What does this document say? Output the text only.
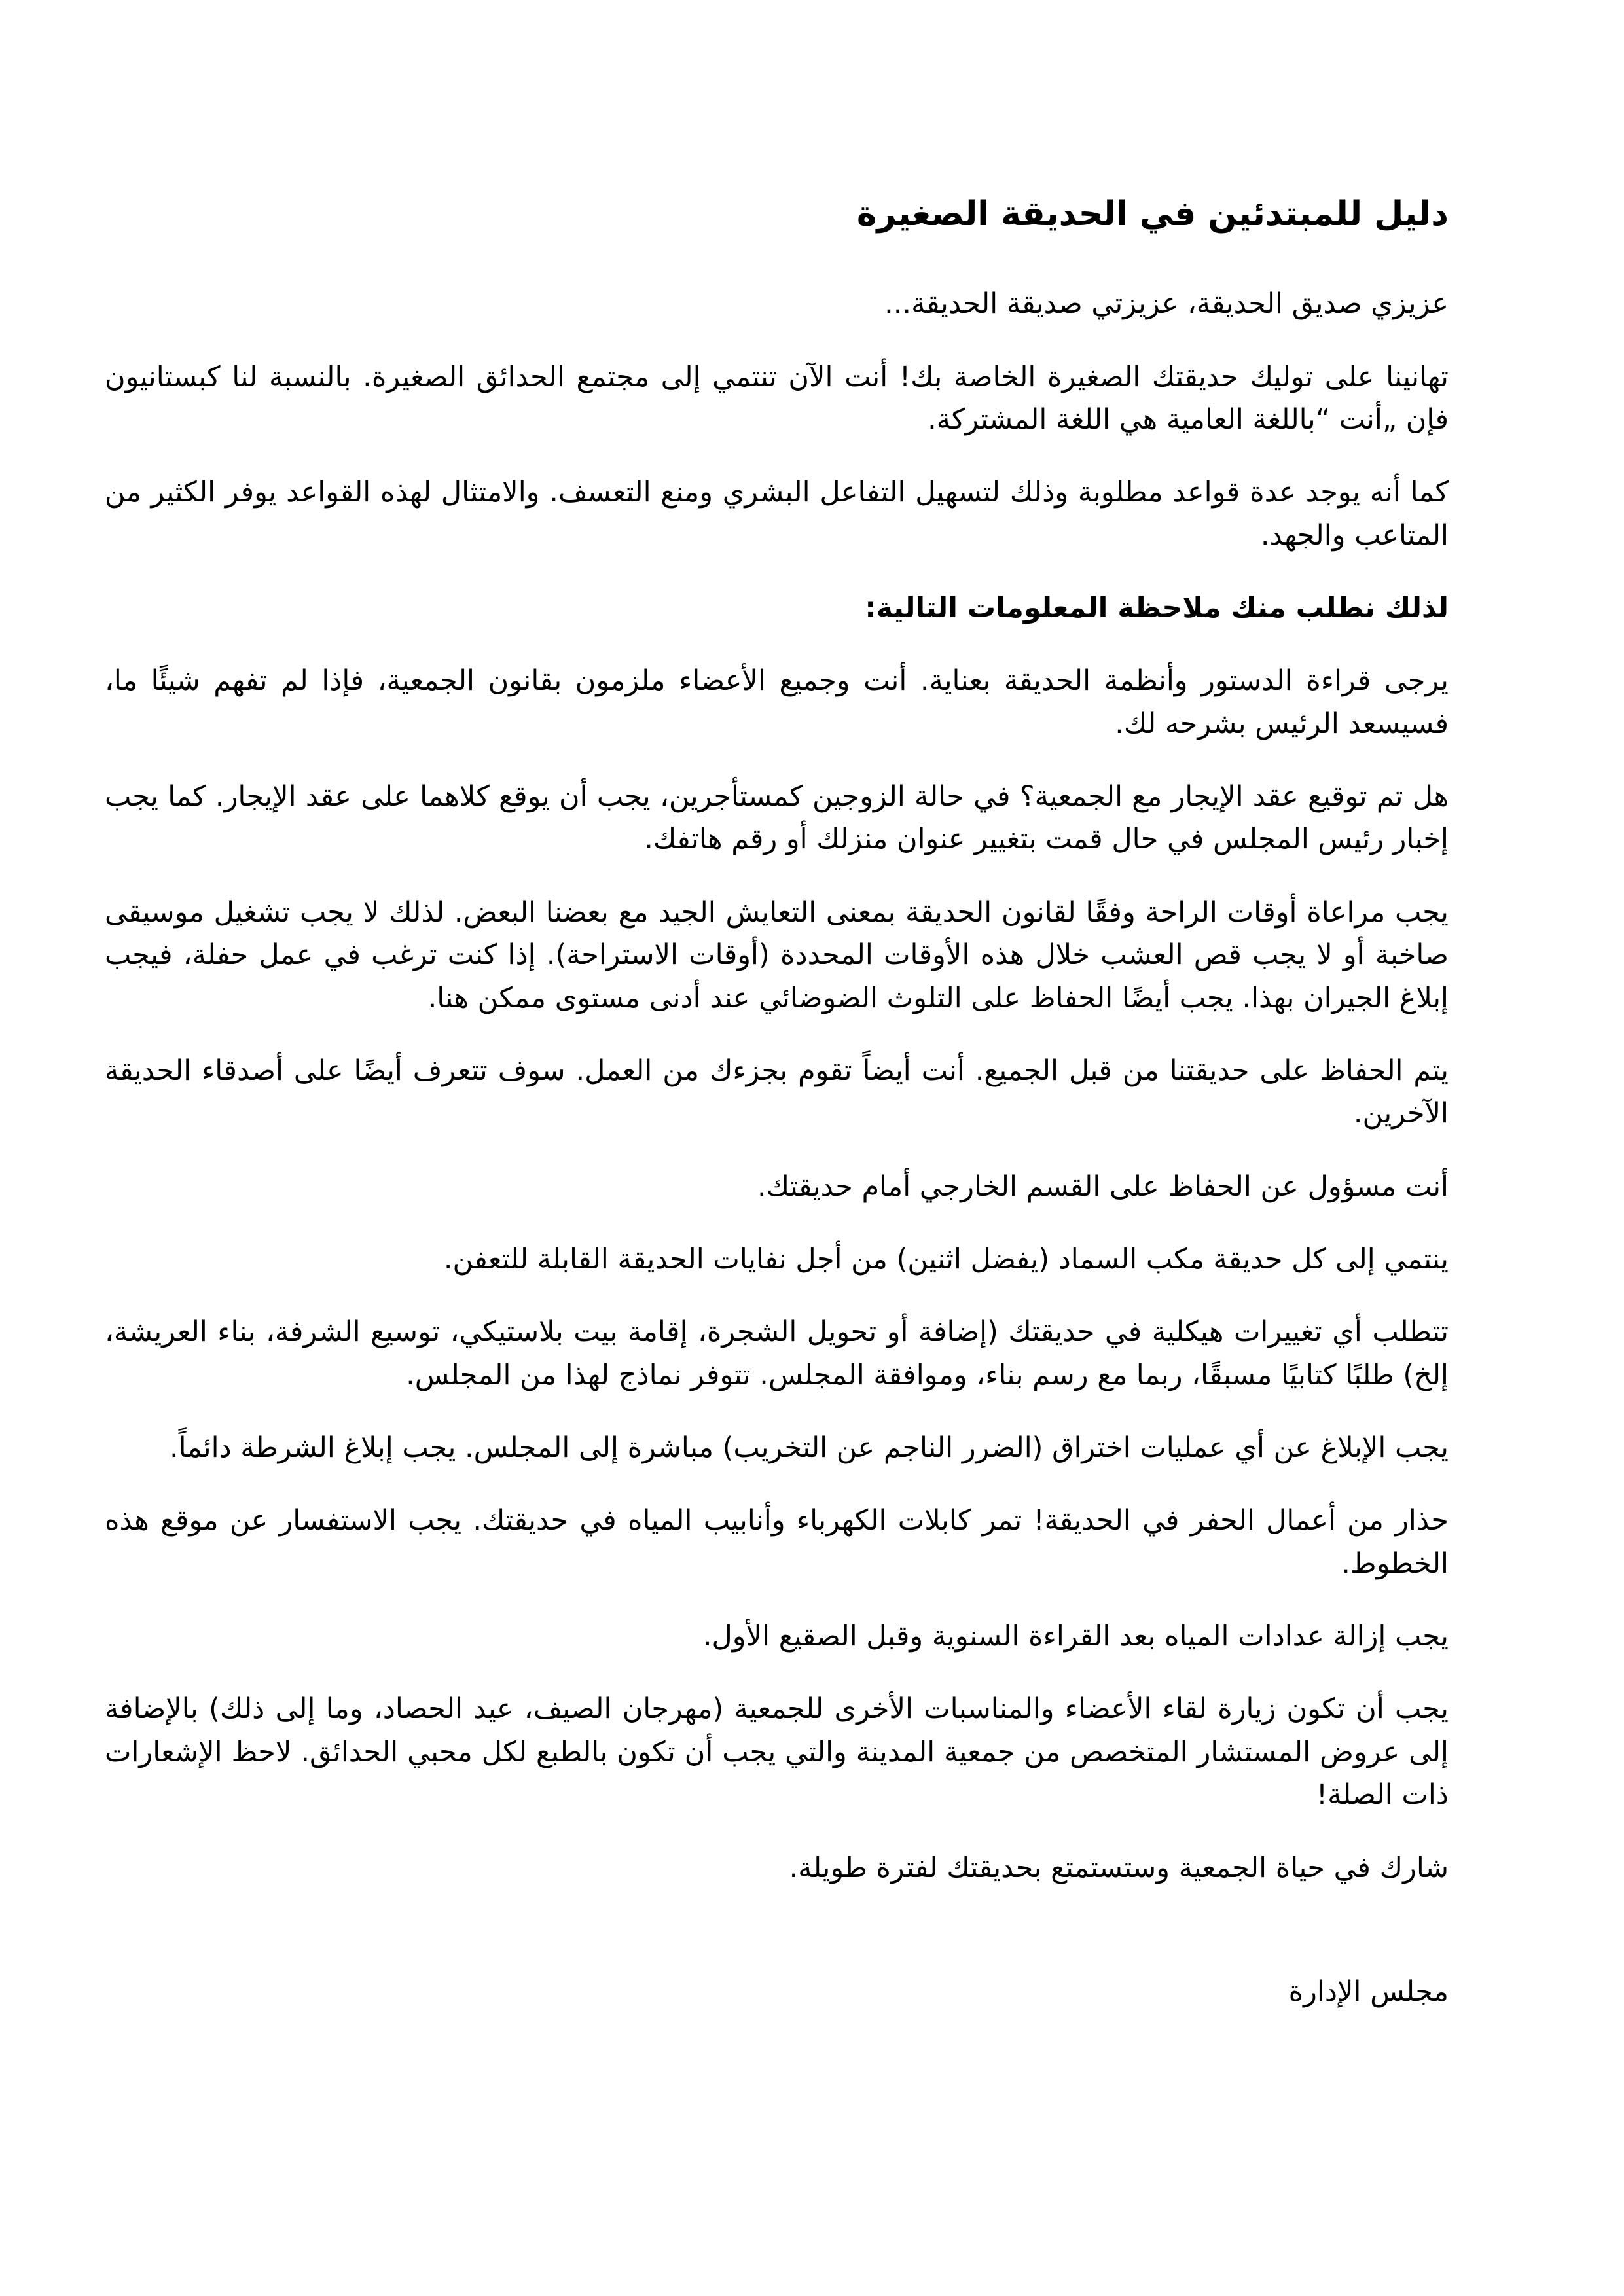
دليل للمبتدئين في الحديقة الصغيرة

عزيزي صديق الحديقة، عزيزتي صديقة الحديقة...

تهانينا على توليك حديقتك الصغيرة الخاصة بك! أنت الآن تنتمي إلى مجتمع الحدائق الصغيرة. بالنسبة لنا كبستانيون فإن „أنت “باللغة العامية هي اللغة المشتركة.

كما أنه يوجد عدة قواعد مطلوبة وذلك لتسهيل التفاعل البشري ومنع التعسف. والامتثال لهذه القواعد يوفر الكثير من المتاعب والجهد.

لذلك نطلب منك ملاحظة المعلومات التالية:

يرجى قراءة الدستور وأنظمة الحديقة بعناية. أنت وجميع الأعضاء ملزمون بقانون الجمعية، فإذا لم تفهم شيئًا ما، فسيسعد الرئيس بشرحه لك.

هل تم توقيع عقد الإيجار مع الجمعية؟ في حالة الزوجين كمستأجرين، يجب أن يوقع كلاهما على عقد الإيجار. كما يجب إخبار رئيس المجلس في حال قمت بتغيير عنوان منزلك أو رقم هاتفك.

يجب مراعاة أوقات الراحة وفقًا لقانون الحديقة بمعنى التعايش الجيد مع بعضنا البعض. لذلك لا يجب تشغيل موسيقى صاخبة أو لا يجب قص العشب خلال هذه الأوقات المحددة (أوقات الاستراحة). إذا كنت ترغب في عمل حفلة، فيجب إبلاغ الجيران بهذا. يجب أيضًا الحفاظ على التلوث الضوضائي عند أدنى مستوى ممكن هنا.

يتم الحفاظ على حديقتنا من قبل الجميع. أنت أيضاً تقوم بجزءك من العمل. سوف تتعرف أيضًا على أصدقاء الحديقة الآخرين.

أنت مسؤول عن الحفاظ على القسم الخارجي أمام حديقتك.

ينتمي إلى كل حديقة مكب السماد (يفضل اثنين) من أجل نفايات الحديقة القابلة للتعفن.

تتطلب أي تغييرات هيكلية في حديقتك (إضافة أو تحويل الشجرة، إقامة بيت بلاستيكي، توسيع الشرفة، بناء العريشة، إلخ) طلبًا كتابيًا مسبقًا، ربما مع رسم بناء، وموافقة المجلس. تتوفر نماذج لهذا من المجلس.

يجب الإبلاغ عن أي عمليات اختراق (الضرر الناجم عن التخريب) مباشرة إلى المجلس. يجب إبلاغ الشرطة دائماً.

حذار من أعمال الحفر في الحديقة! تمر كابلات الكهرباء وأنابيب المياه في حديقتك. يجب الاستفسار عن موقع هذه الخطوط.

يجب إزالة عدادات المياه بعد القراءة السنوية وقبل الصقيع الأول.

يجب أن تكون زيارة لقاء الأعضاء والمناسبات الأخرى للجمعية (مهرجان الصيف، عيد الحصاد، وما إلى ذلك) بالإضافة إلى عروض المستشار المتخصص من جمعية المدينة والتي يجب أن تكون بالطبع لكل محبي الحدائق. لاحظ الإشعارات ذات الصلة!

شارك في حياة الجمعية وستستمتع بحديقتك لفترة طويلة.

مجلس الإدارة
